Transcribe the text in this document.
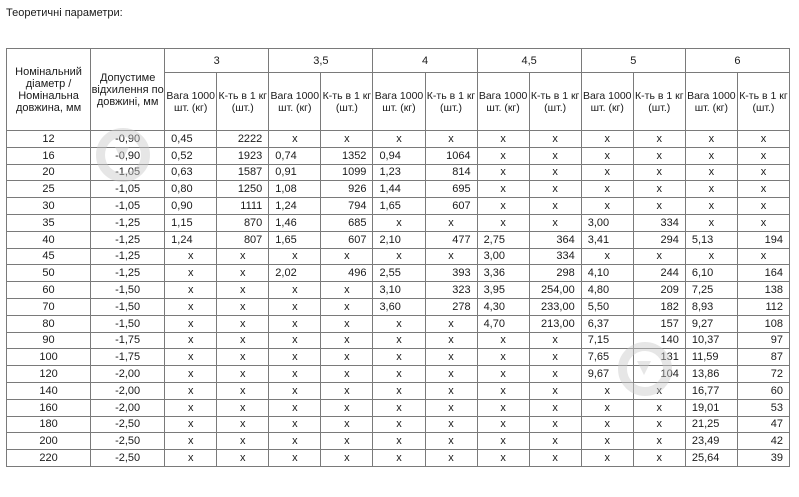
Теоретичні параметри:
Номінальний діаметр / Номінальна довжина, мм	Допустиме відхилення по довжині, мм	3		3,5		4		4,5		5		6	
		Вага 1000 шт. (кг)	К-ть в 1 кг (шт.)	Вага 1000 шт. (кг)	К-ть в 1 кг (шт.)	Вага 1000 шт. (кг)	К-ть в 1 кг (шт.)	Вага 1000 шт. (кг)	К-ть в 1 кг (шт.)	Вага 1000 шт. (кг)	К-ть в 1 кг (шт.)	Вага 1000 шт. (кг)	К-ть в 1 кг (шт.)
12	-0,90	0,45	2222	x	x	x	x	x	x	x	x	x	x
16	-0,90	0,52	1923	0,74	1352	0,94	1064	x	x	x	x	x	x
20	-1,05	0,63	1587	0,91	1099	1,23	814	x	x	x	x	x	x
25	-1,05	0,80	1250	1,08	926	1,44	695	x	x	x	x	x	x
30	-1,05	0,90	1111	1,24	794	1,65	607	x	x	x	x	x	x
35	-1,25	1,15	870	1,46	685	x	x	x	x	3,00	334	x	x
40	-1,25	1,24	807	1,65	607	2,10	477	2,75	364	3,41	294	5,13	194
45	-1,25	x	x	x	x	x	x	3,00	334	x	x	x	x
50	-1,25	x	x	2,02	496	2,55	393	3,36	298	4,10	244	6,10	164
60	-1,50	x	x	x	x	3,10	323	3,95	254,00	4,80	209	7,25	138
70	-1,50	x	x	x	x	3,60	278	4,30	233,00	5,50	182	8,93	112
80	-1,50	x	x	x	x	x	x	4,70	213,00	6,37	157	9,27	108
90	-1,75	x	x	x	x	x	x	x	x	7,15	140	10,37	97
100	-1,75	x	x	x	x	x	x	x	x	7,65	131	11,59	87
120	-2,00	x	x	x	x	x	x	x	x	9,67	104	13,86	72
140	-2,00	x	x	x	x	x	x	x	x	x	x	16,77	60
160	-2,00	x	x	x	x	x	x	x	x	x	x	19,01	53
180	-2,50	x	x	x	x	x	x	x	x	x	x	21,25	47
200	-2,50	x	x	x	x	x	x	x	x	x	x	23,49	42
220	-2,50	x	x	x	x	x	x	x	x	x	x	25,64	39
